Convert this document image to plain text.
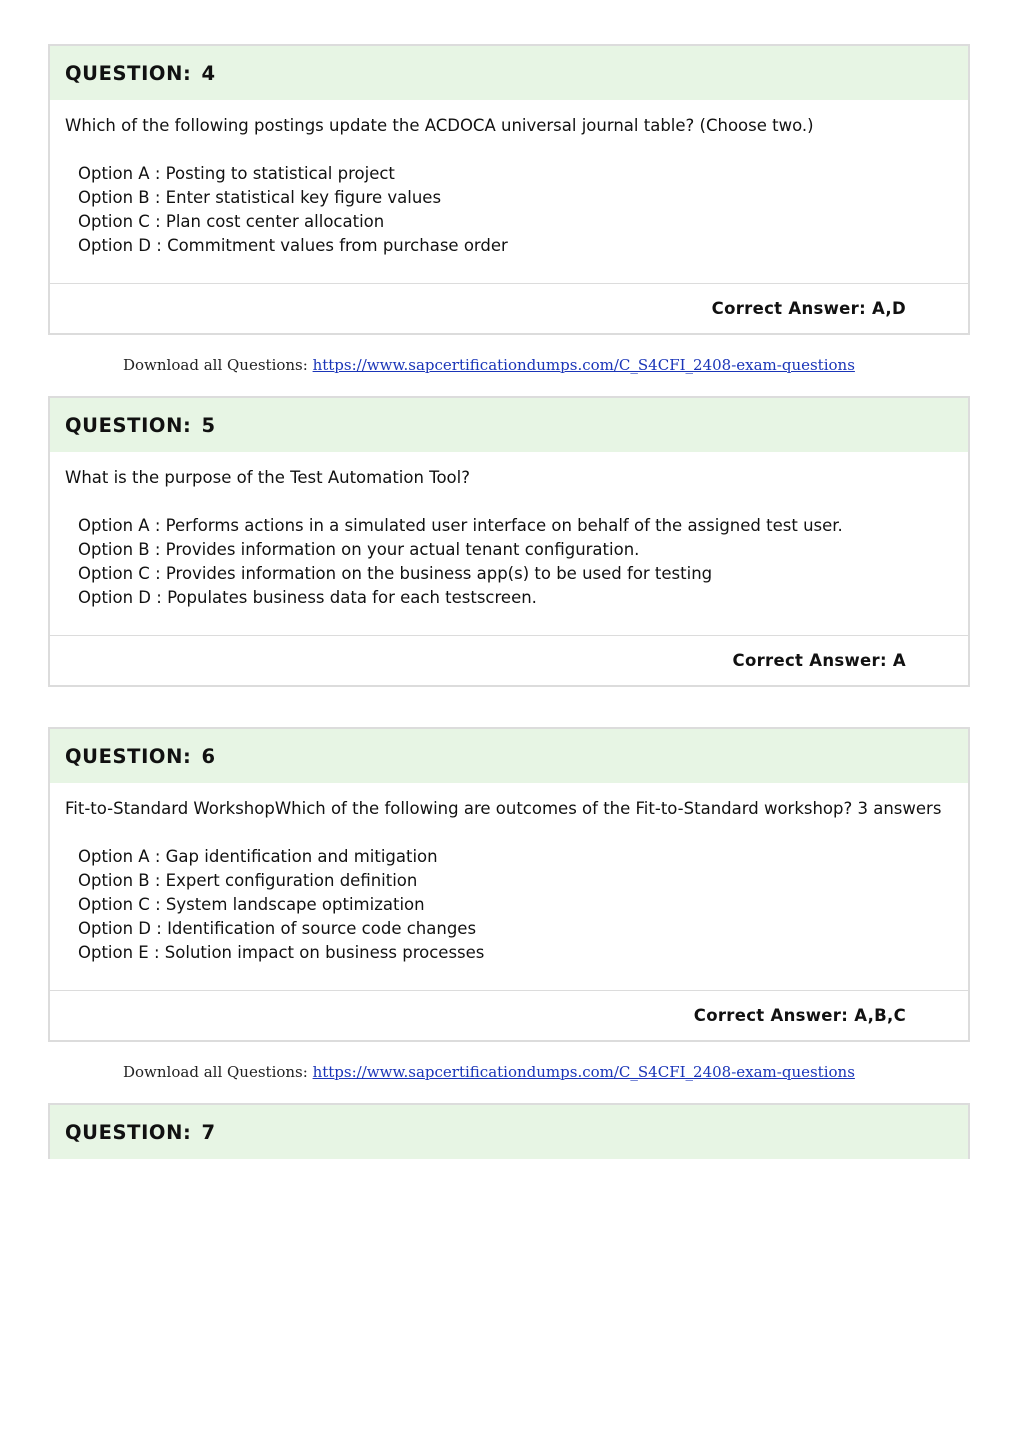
QUESTION: 4
Which of the following postings update the ACDOCA universal journal table? (Choose two.)
Option A : Posting to statistical project
Option B : Enter statistical key figure values
Option C : Plan cost center allocation
Option D : Commitment values from purchase order
Correct Answer:
A,D
Download all Questions: https://www.sapcertificationdumps.com/C_S4CFI_2408-exam-questions
QUESTION: 5
What is the purpose of the Test Automation Tool?
Option A : Performs actions in a simulated user interface on behalf of the assigned test user.
Option B : Provides information on your actual tenant configuration.
Option C : Provides information on the business app(s) to be used for testing
Option D : Populates business data for each testscreen.
Correct Answer:
A
QUESTION: 6
Fit-to-Standard WorkshopWhich of the following are outcomes of the Fit-to-Standard workshop? 3 answers
Option A : Gap identification and mitigation
Option B : Expert configuration definition
Option C : System landscape optimization
Option D : Identification of source code changes
Option E : Solution impact on business processes
Correct Answer:
A,B,C
Download all Questions: https://www.sapcertificationdumps.com/C_S4CFI_2408-exam-questions
QUESTION: 7
